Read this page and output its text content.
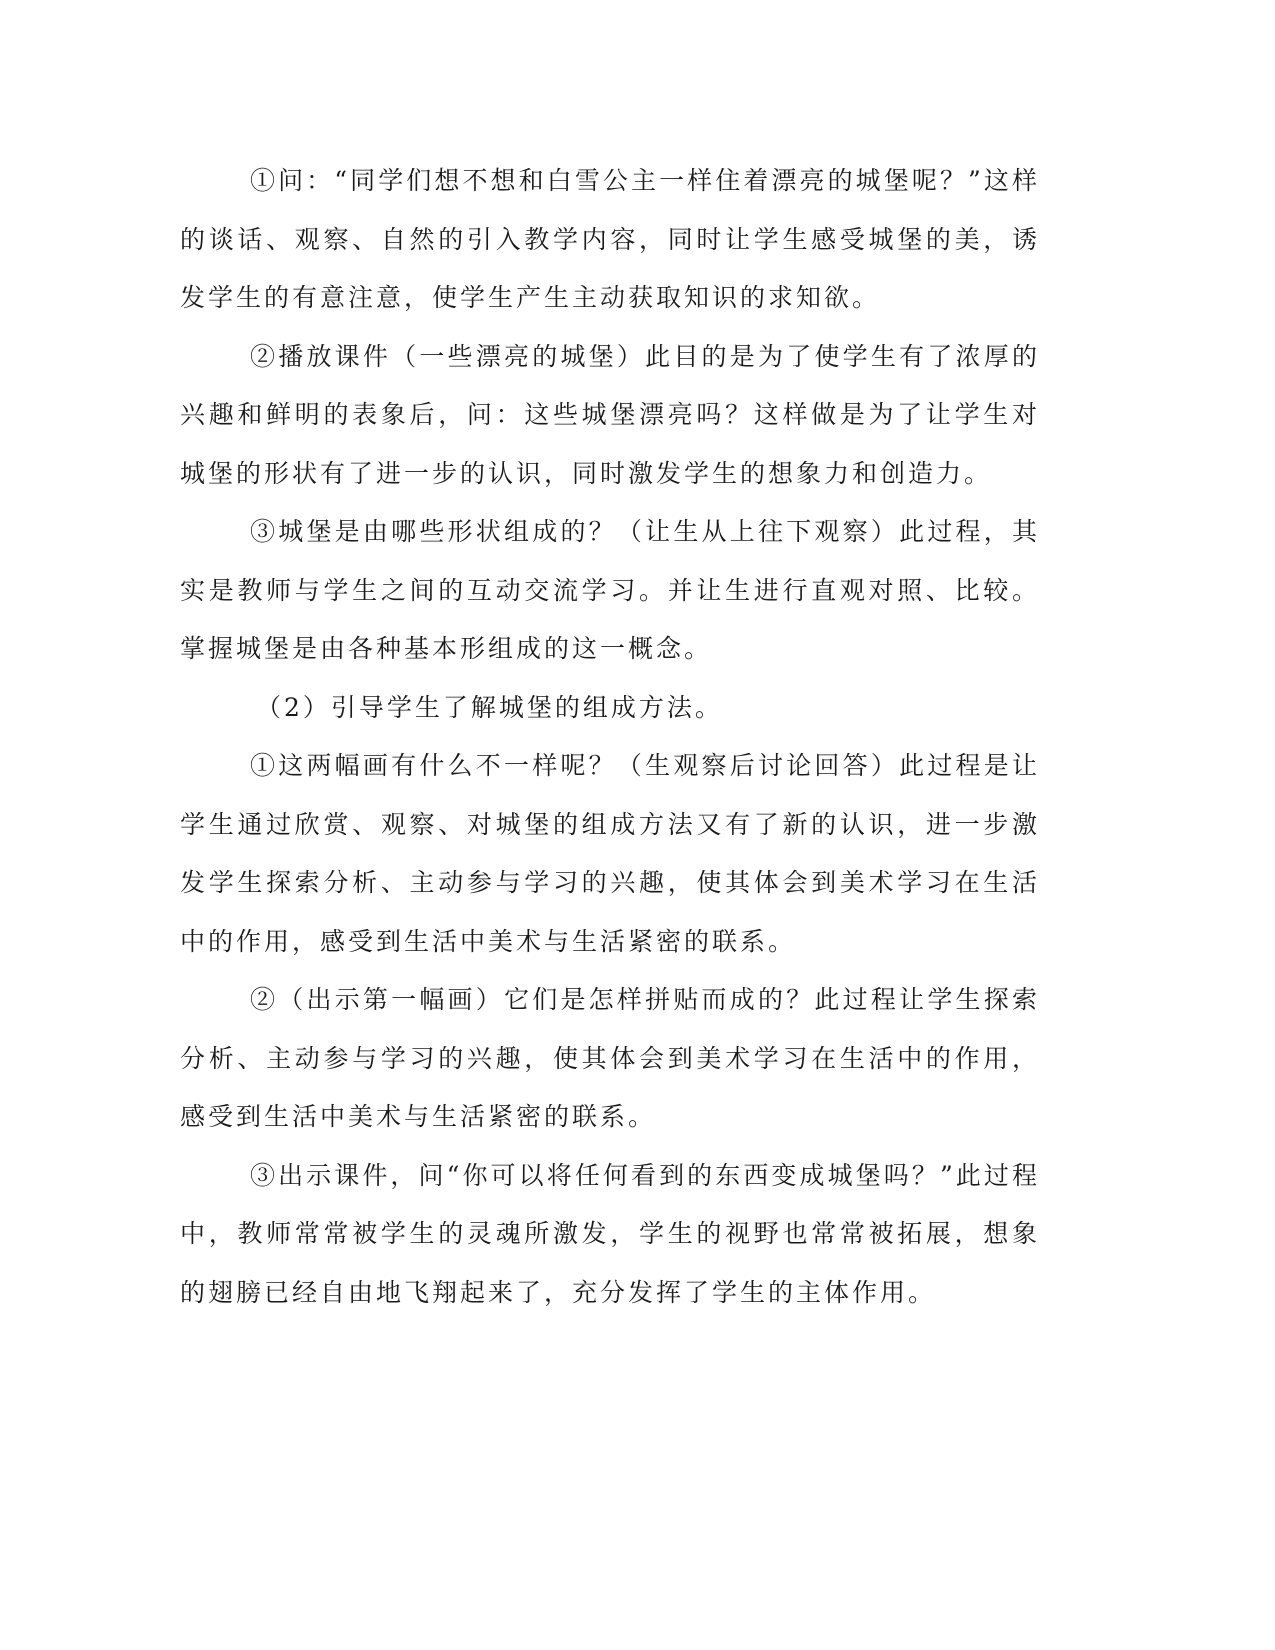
①问：“同学们想不想和白雪公主一样住着漂亮的城堡呢？”这样的谈话、观察、自然的引入教学内容，同时让学生感受城堡的美，诱发学生的有意注意，使学生产生主动获取知识的求知欲。

②播放课件（一些漂亮的城堡）此目的是为了使学生有了浓厚的兴趣和鲜明的表象后，问：这些城堡漂亮吗？这样做是为了让学生对城堡的形状有了进一步的认识，同时激发学生的想象力和创造力。

③城堡是由哪些形状组成的？（让生从上往下观察）此过程，其实是教师与学生之间的互动交流学习。并让生进行直观对照、比较。掌握城堡是由各种基本形组成的这一概念。

（2）引导学生了解城堡的组成方法。

①这两幅画有什么不一样呢？（生观察后讨论回答）此过程是让学生通过欣赏、观察、对城堡的组成方法又有了新的认识，进一步激发学生探索分析、主动参与学习的兴趣，使其体会到美术学习在生活中的作用，感受到生活中美术与生活紧密的联系。

②（出示第一幅画）它们是怎样拼贴而成的？此过程让学生探索分析、主动参与学习的兴趣，使其体会到美术学习在生活中的作用，感受到生活中美术与生活紧密的联系。

③出示课件，问“你可以将任何看到的东西变成城堡吗？”此过程中，教师常常被学生的灵魂所激发，学生的视野也常常被拓展，想象的翅膀已经自由地飞翔起来了，充分发挥了学生的主体作用。
